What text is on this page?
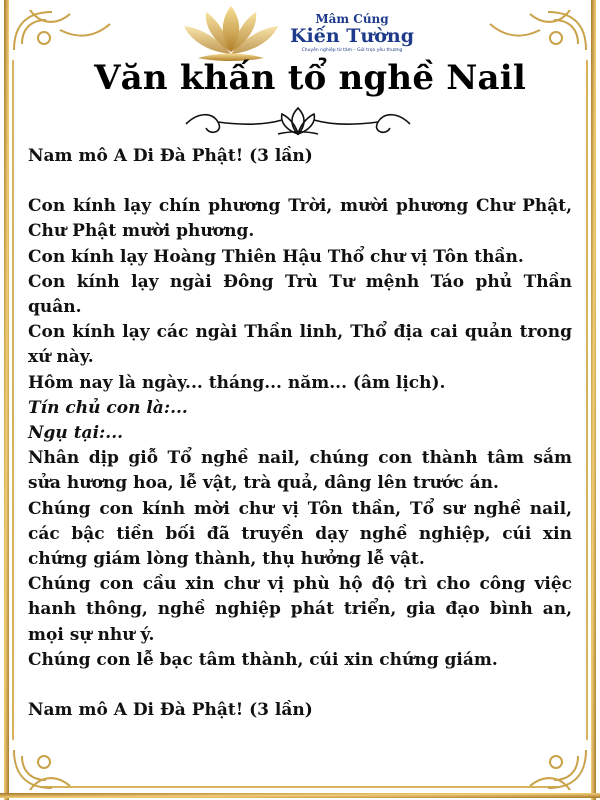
Mâm Cúng
Kiến Tường
Chuyên nghiệp từ tâm – Gửi trọn yêu thương
Văn khấn tổ nghề Nail

Nam mô A Di Đà Phật! (3 lần)

Con kính lạy chín phương Trời, mười phương Chư Phật, Chư Phật mười phương.

Con kính lạy Hoàng Thiên Hậu Thổ chư vị Tôn thần.

Con kính lạy ngài Đông Trù Tư mệnh Táo phủ Thần quân.

Con kính lạy các ngài Thần linh, Thổ địa cai quản trong xứ này.

Hôm nay là ngày... tháng... năm... (âm lịch).

Tín chủ con là:...

Ngụ tại:...

Nhân dịp giỗ Tổ nghề nail, chúng con thành tâm sắm sửa hương hoa, lễ vật, trà quả, dâng lên trước án.

Chúng con kính mời chư vị Tôn thần, Tổ sư nghề nail, các bậc tiền bối đã truyền dạy nghề nghiệp, cúi xin chứng giám lòng thành, thụ hưởng lễ vật.

Chúng con cầu xin chư vị phù hộ độ trì cho công việc hanh thông, nghề nghiệp phát triển, gia đạo bình an, mọi sự như ý.

Chúng con lễ bạc tâm thành, cúi xin chứng giám.

Nam mô A Di Đà Phật! (3 lần)
